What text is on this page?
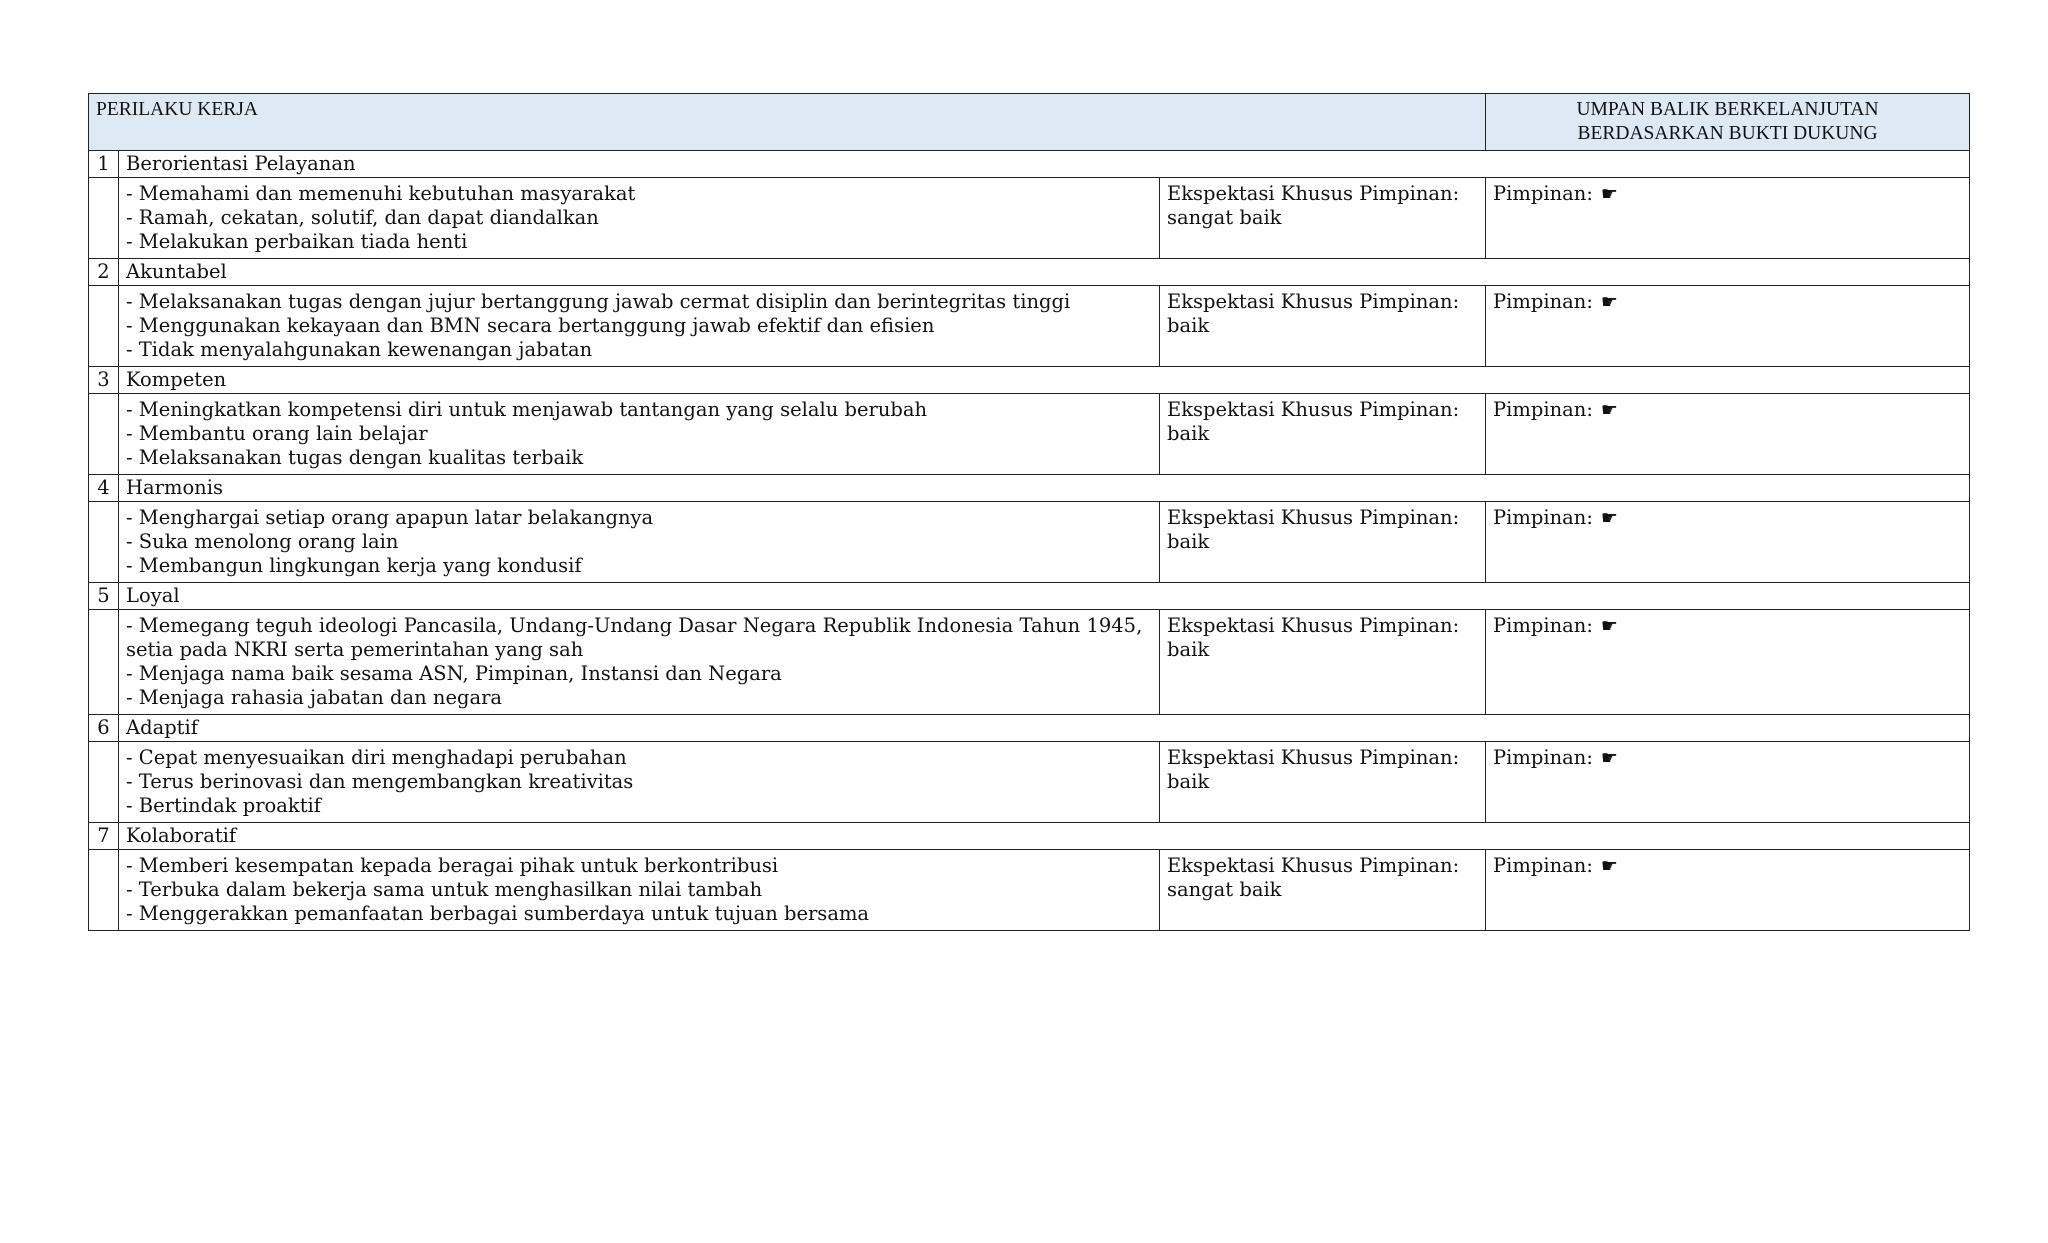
PERILAKU KERJA			UMPAN BALIK BERKELANJUTAN
BERDASARKAN BUKTI DUKUNG

1	Berorientasi Pelayanan		

	- Memahami dan memenuhi kebutuhan masyarakat
- Ramah, cekatan, solutif, dan dapat diandalkan
- Melakukan perbaikan tiada henti	Ekspektasi Khusus Pimpinan:
sangat baik	Pimpinan: ☛
2	Akuntabel		

	- Melaksanakan tugas dengan jujur bertanggung jawab cermat disiplin dan berintegritas tinggi
- Menggunakan kekayaan dan BMN secara bertanggung jawab efektif dan efisien
- Tidak menyalahgunakan kewenangan jabatan	Ekspektasi Khusus Pimpinan:
baik	Pimpinan: ☛
3	Kompeten		

	- Meningkatkan kompetensi diri untuk menjawab tantangan yang selalu berubah
- Membantu orang lain belajar
- Melaksanakan tugas dengan kualitas terbaik	Ekspektasi Khusus Pimpinan:
baik	Pimpinan: ☛
4	Harmonis		

	- Menghargai setiap orang apapun latar belakangnya
- Suka menolong orang lain
- Membangun lingkungan kerja yang kondusif	Ekspektasi Khusus Pimpinan:
baik	Pimpinan: ☛
5	Loyal		

	- Memegang teguh ideologi Pancasila, Undang-Undang Dasar Negara Republik Indonesia Tahun 1945,
setia pada NKRI serta pemerintahan yang sah
- Menjaga nama baik sesama ASN, Pimpinan, Instansi dan Negara
- Menjaga rahasia jabatan dan negara	Ekspektasi Khusus Pimpinan:
baik	Pimpinan: ☛
6	Adaptif		

	- Cepat menyesuaikan diri menghadapi perubahan
- Terus berinovasi dan mengembangkan kreativitas
- Bertindak proaktif	Ekspektasi Khusus Pimpinan:
baik	Pimpinan: ☛
7	Kolaboratif		

	- Memberi kesempatan kepada beragai pihak untuk berkontribusi
- Terbuka dalam bekerja sama untuk menghasilkan nilai tambah
- Menggerakkan pemanfaatan berbagai sumberdaya untuk tujuan bersama	Ekspektasi Khusus Pimpinan:
sangat baik	Pimpinan: ☛
